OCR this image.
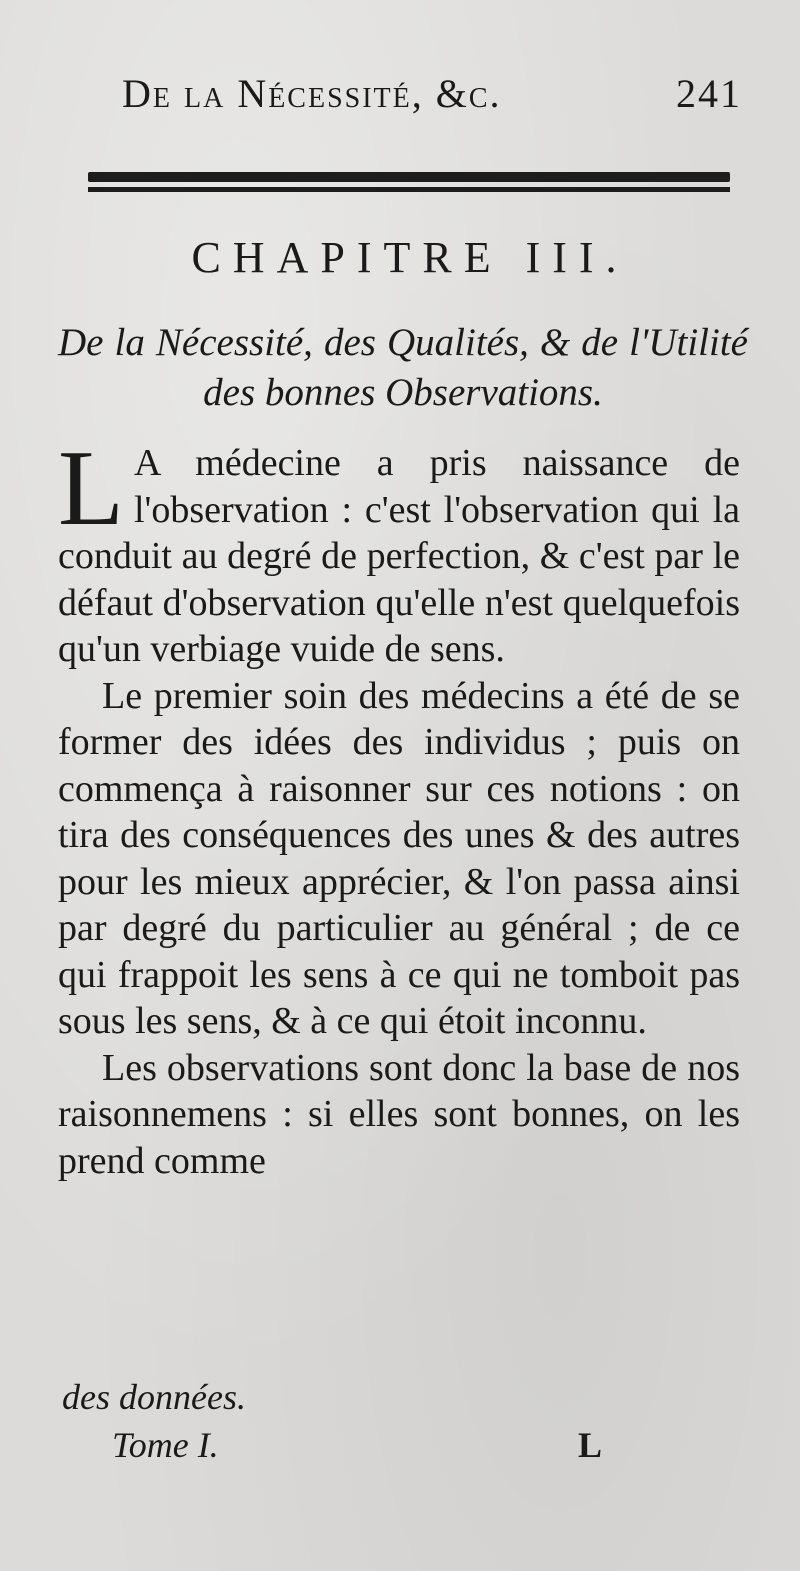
De la Nécessité, &c.	241
CHAPITRE III.
De la Nécessité, des Qualités, & de l'Utilité des bonnes Observations.

L A médecine a pris naissance de l'observation : c'est l'observation qui la conduit au degré de perfection, & c'est par le défaut d'observation qu'elle n'est quelquefois qu'un verbiage vuide de sens.

Le premier soin des médecins a été de se former des idées des individus ; puis on commença à raisonner sur ces notions : on tira des conséquences des unes & des autres pour les mieux apprécier, & l'on passa ainsi par degré du particulier au général ; de ce qui frappoit les sens à ce qui ne tomboit pas sous les sens, & à ce qui étoit inconnu.

Les observations sont donc la base de nos raisonnemens : si elles sont bonnes, on les prend comme

des données.
Tome I.	L
